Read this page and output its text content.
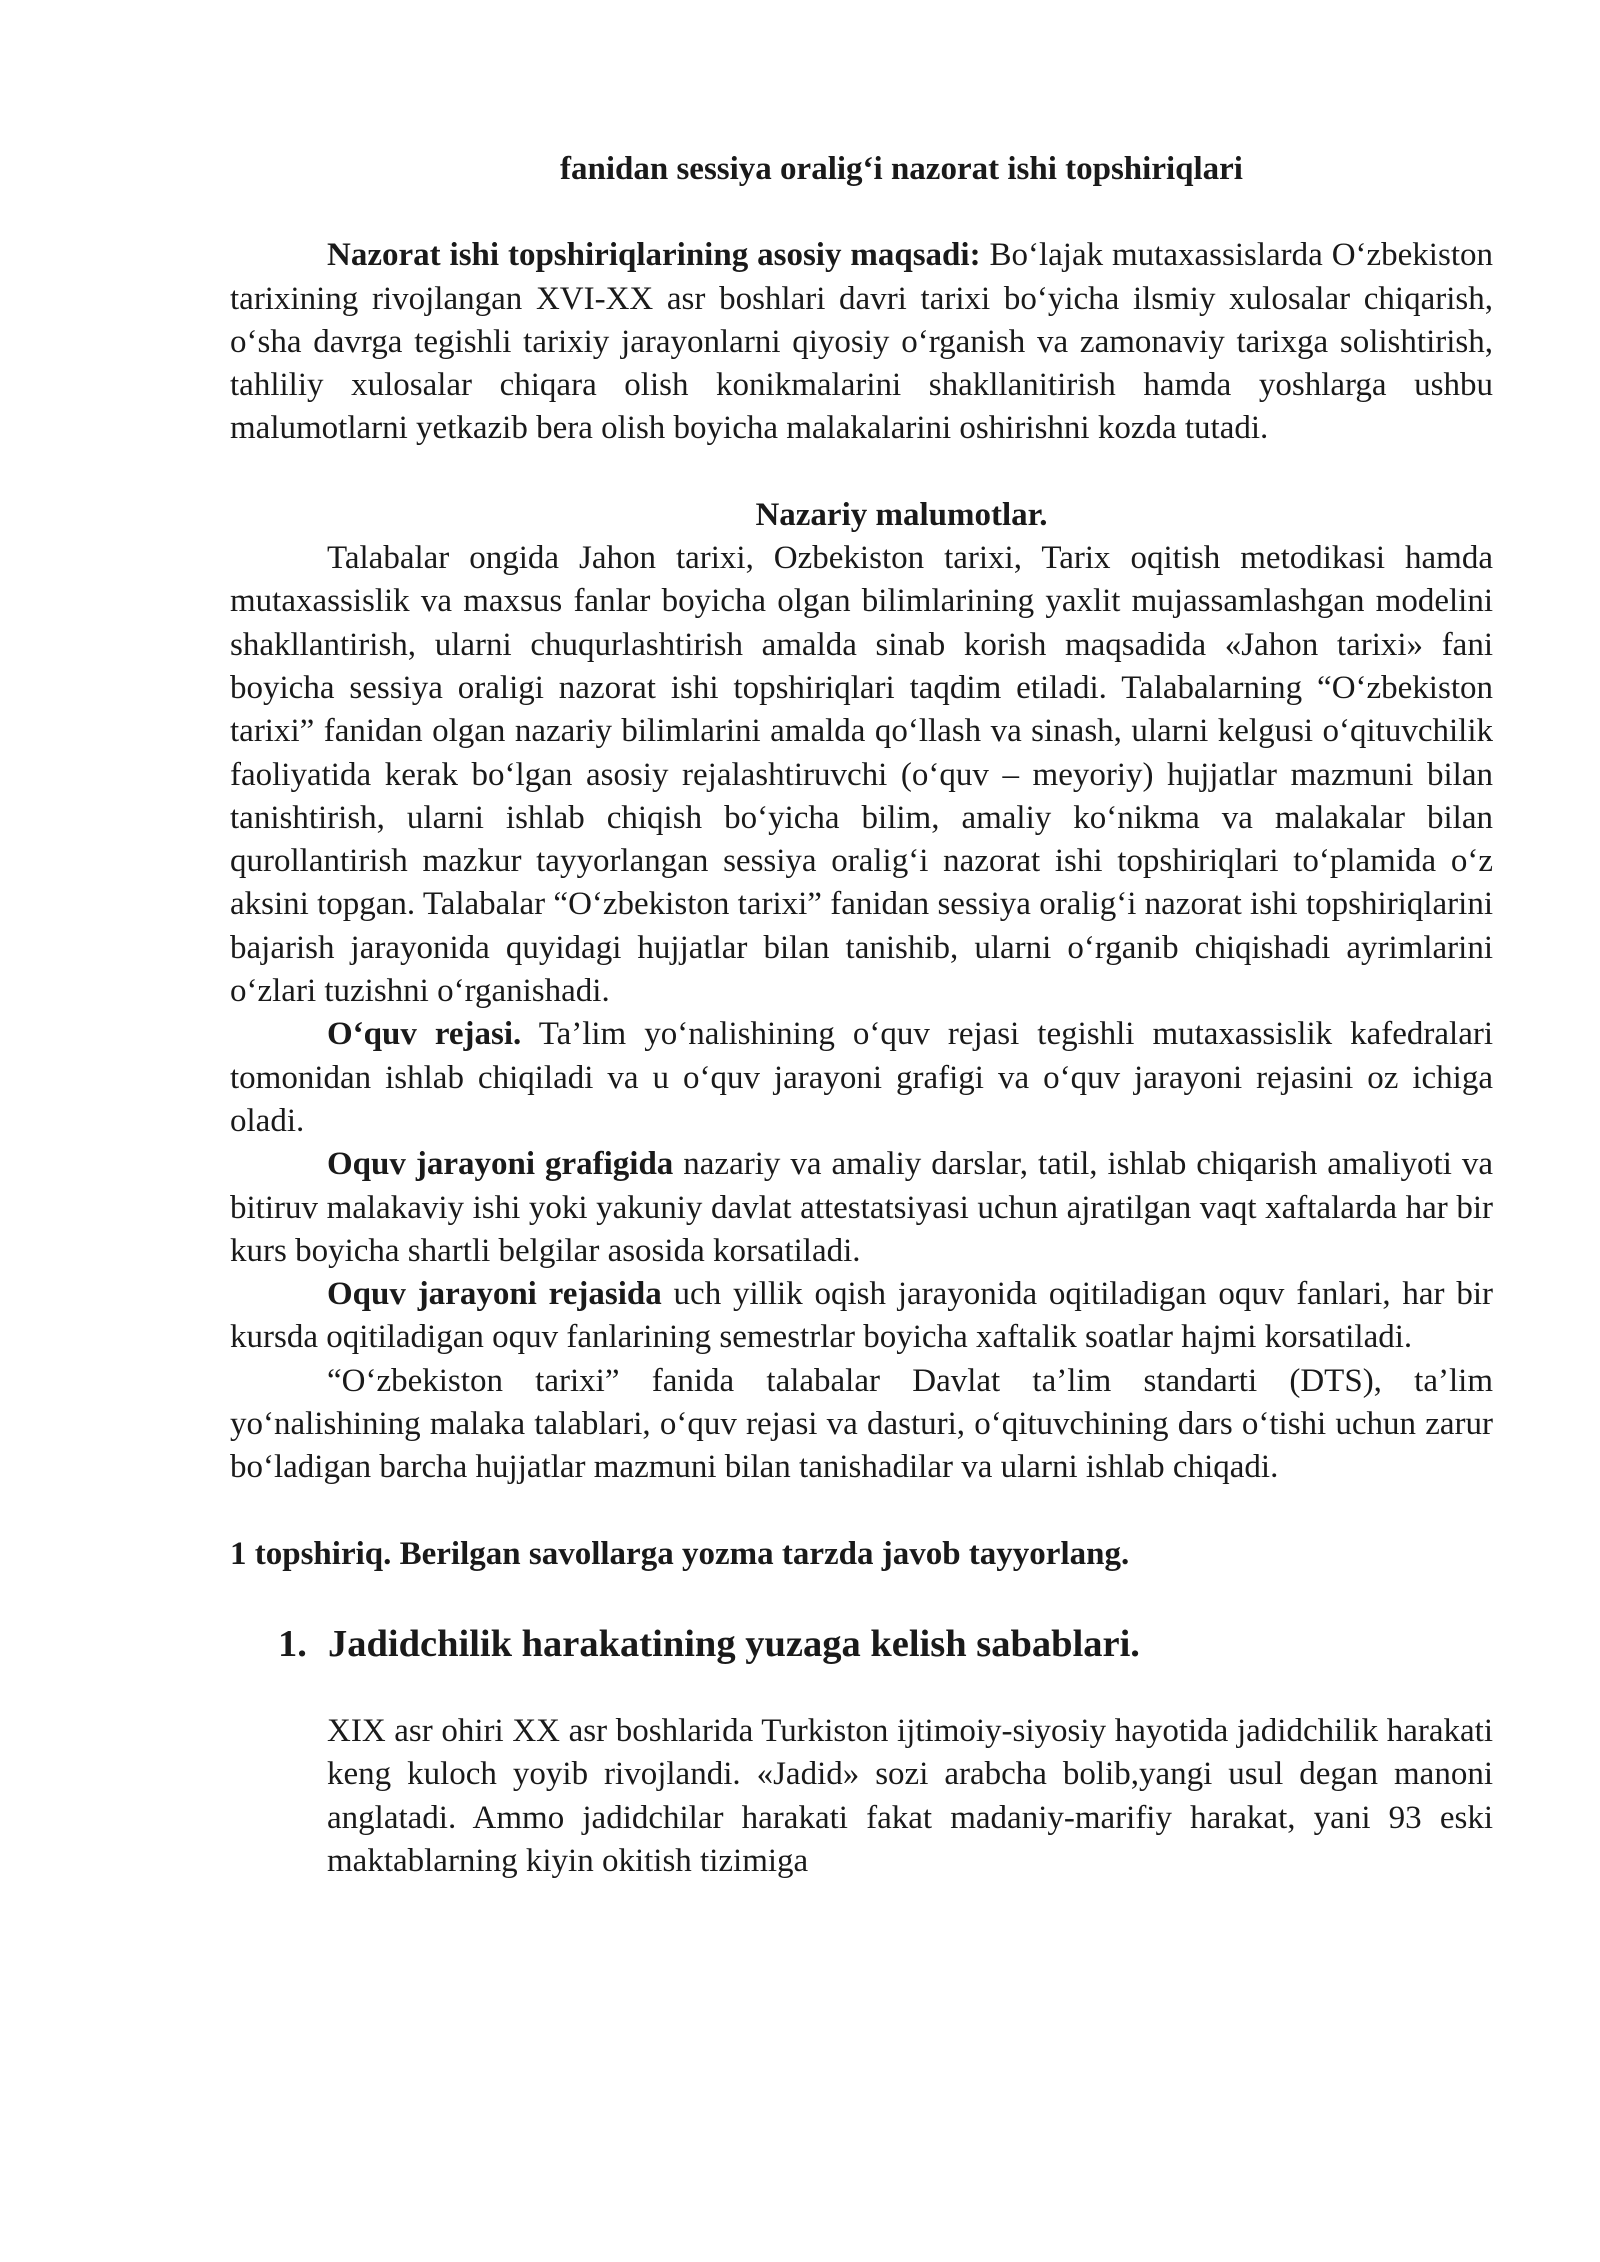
fanidan sessiya oralig‘i nazorat ishi topshiriqlari

Nazorat ishi topshiriqlarining asosiy maqsadi: Bo‘lajak mutaxassislarda O‘zbekiston tarixining rivojlangan XVI-XX asr boshlari davri tarixi bo‘yicha ilsmiy xulosalar chiqarish, o‘sha davrga tegishli tarixiy jarayonlarni qiyosiy o‘rganish va zamonaviy tarixga solishtirish, tahliliy xulosalar chiqara olish konikmalarini shakllanitirish hamda yoshlarga ushbu malumotlarni yetkazib bera olish boyicha malakalarini oshirishni kozda tutadi.

Nazariy malumotlar.

Talabalar ongida Jahon tarixi, Ozbekiston tarixi, Tarix oqitish metodikasi hamda mutaxassislik va maxsus fanlar boyicha olgan bilimlarining yaxlit mujassamlashgan modelini shakllantirish, ularni chuqurlashtirish amalda sinab korish maqsadida «Jahon tarixi» fani boyicha sessiya oraligi nazorat ishi topshiriqlari taqdim etiladi. Talabalarning “O‘zbekiston tarixi” fanidan olgan nazariy bilimlarini amalda qo‘llash va sinash, ularni kelgusi o‘qituvchilik faoliyatida kerak bo‘lgan asosiy rejalashtiruvchi (o‘quv – meyoriy) hujjatlar mazmuni bilan tanishtirish, ularni ishlab chiqish bo‘yicha bilim, amaliy ko‘nikma va malakalar bilan qurollantirish mazkur tayyorlangan sessiya oralig‘i nazorat ishi topshiriqlari to‘plamida o‘z aksini topgan. Talabalar “O‘zbekiston tarixi” fanidan sessiya oralig‘i nazorat ishi topshiriqlarini bajarish jarayonida quyidagi hujjatlar bilan tanishib, ularni o‘rganib chiqishadi ayrimlarini o‘zlari tuzishni o‘rganishadi.

O‘quv rejasi. Ta’lim yo‘nalishining o‘quv rejasi tegishli mutaxassislik kafedralari tomonidan ishlab chiqiladi va u o‘quv jarayoni grafigi va o‘quv jarayoni rejasini oz ichiga oladi.

Oquv jarayoni grafigida nazariy va amaliy darslar, tatil, ishlab chiqarish amaliyoti va bitiruv malakaviy ishi yoki yakuniy davlat attestatsiyasi uchun ajratilgan vaqt xaftalarda har bir kurs boyicha shartli belgilar asosida korsatiladi.

Oquv jarayoni rejasida uch yillik oqish jarayonida oqitiladigan oquv fanlari, har bir kursda oqitiladigan oquv fanlarining semestrlar boyicha xaftalik soatlar hajmi korsatiladi.

“O‘zbekiston tarixi” fanida talabalar Davlat ta’lim standarti (DTS), ta’lim yo‘nalishining malaka talablari, o‘quv rejasi va dasturi, o‘qituvchining dars o‘tishi uchun zarur bo‘ladigan barcha hujjatlar mazmuni bilan tanishadilar va ularni ishlab chiqadi.

1 topshiriq. Berilgan savollarga yozma tarzda javob tayyorlang.
1. Jadidchilik harakatining yuzaga kelish sabablari.

XIX asr ohiri XX asr boshlarida Turkiston ijtimoiy-siyosiy hayotida jadidchilik harakati keng kuloch yoyib rivojlandi. «Jadid» sozi arabcha bolib,yangi usul degan manoni anglatadi. Ammo jadidchilar harakati fakat madaniy-marifiy harakat, yani 93 eski maktablarning kiyin okitish tizimiga
